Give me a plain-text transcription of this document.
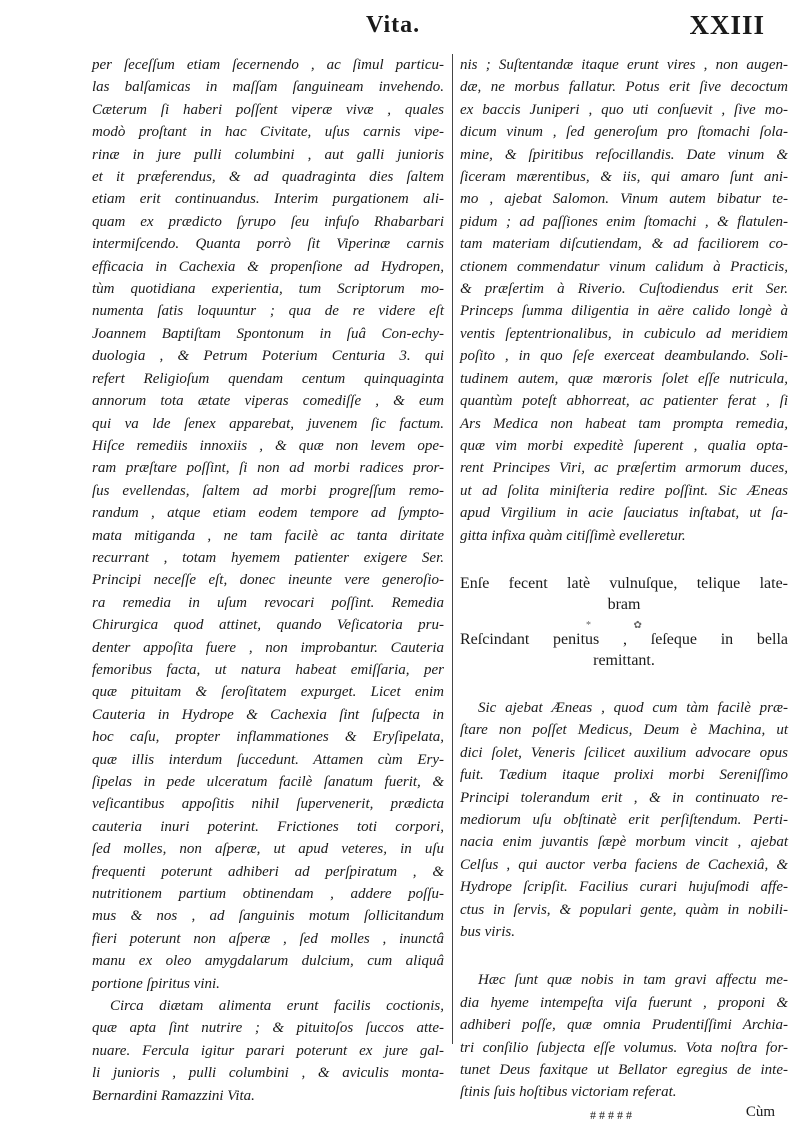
Vita.	XXIII

per ſeceſſum etiam ſecernendo , ac ſimul particu-

las balſamicas in maſſam ſanguineam invehendo.

Cæterum ſi haberi poſſent viperæ vivæ , quales

modò proſtant in hac Civitate, uſus carnis vipe-

rinæ in jure pulli columbini , aut galli junioris

et it præferendus, & ad quadraginta dies ſaltem

etiam erit continuandus. Interim purgationem ali-

quam ex prædicto ſyrupo ſeu infuſo Rhabarbari

intermiſcendo. Quanta porrò ſit Viperinæ carnis

efficacia in Cachexia & propenſione ad Hydropen,

tùm quotidiana experientia, tum Scriptorum mo-

numenta ſatis loquuntur ; qua de re videre eſt

Joannem Baptiſtam Spontonum in ſuâ Con-echy-

duologia , & Petrum Poterium Centuria 3. qui

refert Religioſum quendam centum quinquaginta

annorum tota ætate viperas comediſſe , & eum

qui va lde ſenex apparebat, juvenem ſic factum.

Hiſce remediis innoxiis , & quæ non levem ope-

ram præſtare poſſint, ſi non ad morbi radices pror-

ſus evellendas, ſaltem ad morbi progreſſum remo-

randum , atque etiam eodem tempore ad ſympto-

mata mitiganda , ne tam facilè ac tanta diritate

recurrant , totam hyemem patienter exigere Ser.

Principi neceſſe eſt, donec ineunte vere generoſio-

ra remedia in uſum revocari poſſint. Remedia

Chirurgica quod attinet, quando Veſicatoria pru-

denter appoſita fuere , non improbantur. Cauteria

femoribus facta, ut natura habeat emiſſaria, per

quæ pituitam & ſeroſitatem expurget. Licet enim

Cauteria in Hydrope & Cachexia ſint ſuſpecta in

hoc caſu, propter inflammationes & Eryſipelata,

quæ illis interdum ſuccedunt. Attamen cùm Ery-

ſipelas in pede ulceratum facilè ſanatum fuerit, &

veſicantibus appoſitis nihil ſupervenerit, prædicta

cauteria inuri poterint. Frictiones toti corpori,

ſed molles, non aſperæ, ut apud veteres, in uſu

frequenti poterunt adhiberi ad perſpiratum , &

nutritionem partium obtinendam , addere poſſu-

mus & nos , ad ſanguinis motum ſollicitandum

fieri poterunt non aſperæ , ſed molles , inunctâ

manu ex oleo amygdalarum dulcium, cum aliquâ

portione ſpiritus vini.

Circa diætam alimenta erunt facilis coctionis,

quæ apta ſint nutrire ; & pituitoſos ſuccos atte-

nuare. Fercula igitur parari poterunt ex jure gal-

li junioris , pulli columbini , & aviculis monta-

Bernardini Ramazzini Vita.

nis ; Suſtentandæ itaque erunt vires , non augen-

dæ, ne morbus fallatur. Potus erit ſive decoctum

ex baccis Juniperi , quo uti conſuevit , ſive mo-

dicum vinum , ſed generoſum pro ſtomachi ſola-

mine, & ſpiritibus reſocillandis. Date vinum &

ſiceram mærentibus, & iis, qui amaro ſunt ani-

mo , ajebat Salomon. Vinum autem bibatur te-

pidum ; ad paſſiones enim ſtomachi , & flatulen-

tam materiam diſcutiendam, & ad faciliorem co-

ctionem commendatur vinum calidum à Practicis,

& præſertim à Riverio. Cuſtodiendus erit Ser.

Princeps ſumma diligentia in aëre calido longè à

ventis ſeptentrionalibus, in cubiculo ad meridiem

poſito , in quo ſeſe exerceat deambulando. Soli-

tudinem autem, quæ mœroris ſolet eſſe nutricula,

quantùm poteſt abhorreat, ac patienter ferat , ſi

Ars Medica non habeat tam prompta remedia,

quæ vim morbi expeditè ſuperent , qualia opta-

rent Principes Viri, ac præſertim armorum duces,

ut ad ſolita miniſteria redire poſſint. Sic Æneas

apud Virgilium in acie ſauciatus inſtabat, ut ſa-

gitta infixa quàm citiſſimè evelleretur.

Enſe fecent latè vulnuſque, telique late-

bram

* ✿

Reſcindant penitus , ſeſeque in bella

remittant.

Sic ajebat Æneas , quod cum tàm facilè præ-

ſtare non poſſet Medicus, Deum è Machina, ut

dici ſolet, Veneris ſcilicet auxilium advocare opus

fuit. Tædium itaque prolixi morbi Sereniſſimo

Principi tolerandum erit , & in continuato re-

mediorum uſu obſtinatè erit perſiſtendum. Perti-

nacia enim juvantis ſæpè morbum vincit , ajebat

Celſus , qui auctor verba faciens de Cachexiâ, &

Hydrope ſcripſit. Facilius curari hujuſmodi affe-

ctus in ſervis, & populari gente, quàm in nobili-

bus viris.

Hæc ſunt quæ nobis in tam gravi affectu me-

dia hyeme intempeſta viſa fuerunt , proponi &

adhiberi poſſe, quæ omnia Prudentiſſimi Archia-

tri conſilio ſubjecta eſſe volumus. Vota noſtra for-

tunet Deus faxitque ut Bellator egregius de inte-

ſtinis ſuis hoſtibus victoriam referat.

# # # # #	Cùm
